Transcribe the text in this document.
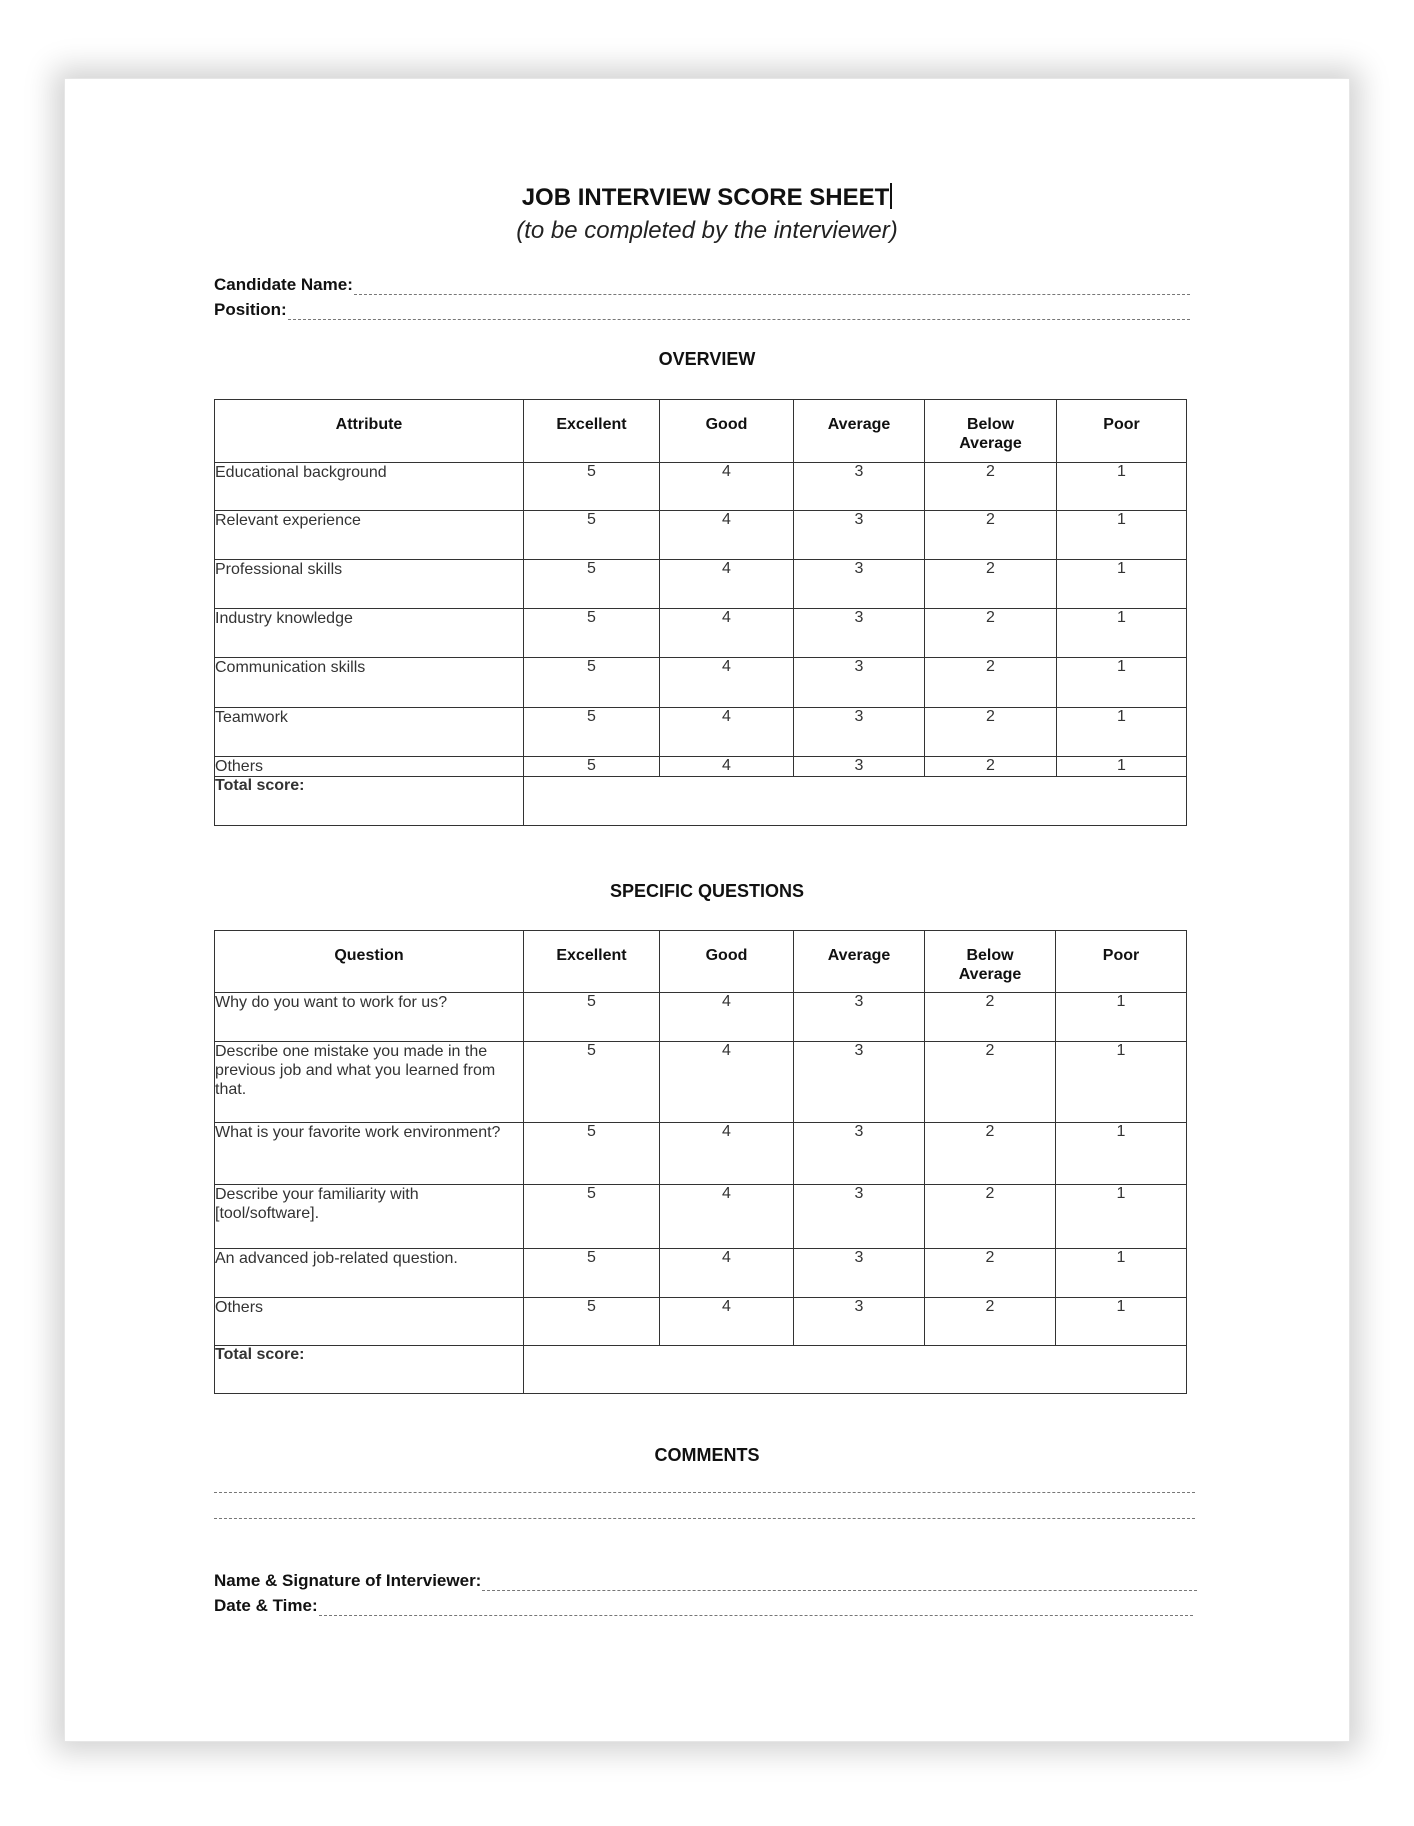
JOB INTERVIEW SCORE SHEET
(to be completed by the interviewer)
Candidate Name:
Position:
OVERVIEW
Attribute	Excellent	Good	Average	Below Average	Poor
Educational background	5	4	3	2	1
Relevant experience	5	4	3	2	1
Professional skills	5	4	3	2	1
Industry knowledge	5	4	3	2	1
Communication skills	5	4	3	2	1
Teamwork	5	4	3	2	1
Others	5	4	3	2	1
Total score:					
SPECIFIC QUESTIONS
Question	Excellent	Good	Average	Below Average	Poor
Why do you want to work for us?	5	4	3	2	1
Describe one mistake you made in the previous job and what you learned from that.	5	4	3	2	1
What is your favorite work environment?	5	4	3	2	1
Describe your familiarity with [tool/software].	5	4	3	2	1
An advanced job-related question.	5	4	3	2	1
Others	5	4	3	2	1
Total score:					
COMMENTS
Name & Signature of Interviewer:
Date & Time:
